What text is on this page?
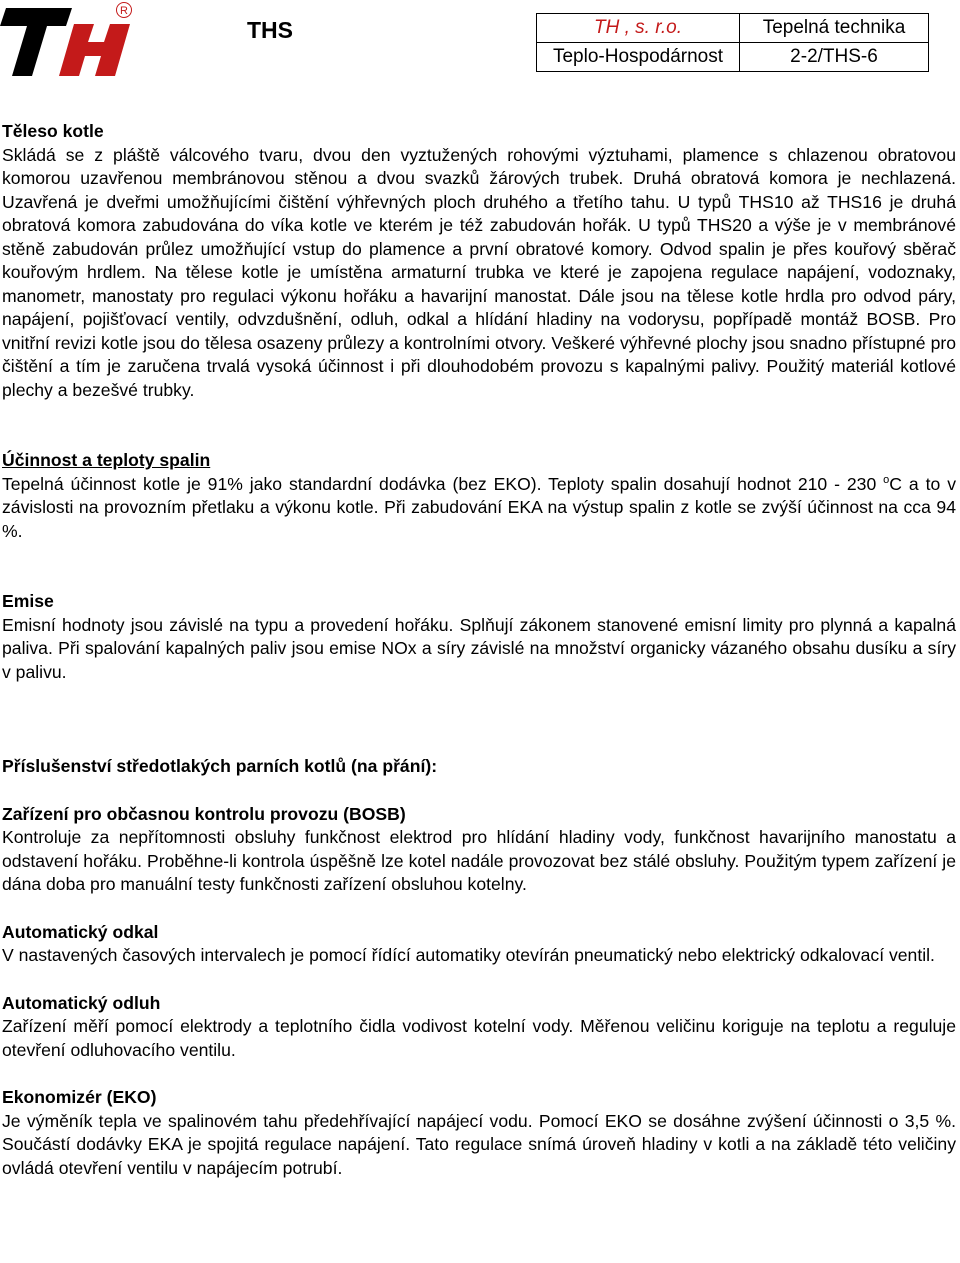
R
THS	TH , s. r.o.	Tepelná technika
Teplo-Hospodárnost	2-2/THS-6
Těleso kotle

Skládá se z pláště válcového tvaru, dvou den vyztužených rohovými výztuhami, plamence s chlazenou obratovou komorou uzavřenou membránovou stěnou a dvou svazků žárových trubek. Druhá obratová komora je nechlazená. Uzavřená je dveřmi umožňujícími čištění výhřevných ploch druhého a třetího tahu. U typů THS10 až THS16 je druhá obratová komora zabudována do víka kotle ve kterém je též zabudován hořák. U typů THS20 a výše je v membránové stěně zabudován průlez umožňující vstup do plamence a první obratové komory. Odvod spalin je přes kouřový sběrač kouřovým hrdlem. Na tělese kotle je umístěna armaturní trubka ve které je zapojena regulace napájení, vodoznaky, manometr, manostaty pro regulaci výkonu hořáku a havarijní manostat. Dále jsou na tělese kotle hrdla pro odvod páry, napájení, pojišťovací ventily, odvzdušnění, odluh, odkal a hlídání hladiny na vodorysu, popřípadě montáž BOSB. Pro vnitřní revizi kotle jsou do tělesa osazeny průlezy a kontrolními otvory. Veškeré výhřevné plochy jsou snadno přístupné pro čištění a tím je zaručena trvalá vysoká účinnost i při dlouhodobém provozu s kapalnými palivy. Použitý materiál kotlové plechy a bezešvé trubky.

Účinnost a teploty spalin

Tepelná účinnost kotle je 91% jako standardní dodávka (bez EKO). Teploty spalin dosahují hodnot 210 - 230 $^o$C a to v závislosti na provozním přetlaku a výkonu kotle. Při zabudování EKA na výstup spalin z kotle se zvýší účinnost na cca 94 %.

Emise

Emisní hodnoty jsou závislé na typu a provedení hořáku. Splňují zákonem stanovené emisní limity pro plynná a kapalná paliva. Při spalování kapalných paliv jsou emise NOx a síry závislé na množství organicky vázaného obsahu dusíku a síry v palivu.

Příslušenství středotlakých parních kotlů (na přání):
Zařízení pro občasnou kontrolu provozu (BOSB)

Kontroluje za nepřítomnosti obsluhy funkčnost elektrod pro hlídání hladiny vody, funkčnost havarijního manostatu a odstavení hořáku. Proběhne-li kontrola úspěšně lze kotel nadále provozovat bez stálé obsluhy. Použitým typem zařízení je dána doba pro manuální testy funkčnosti zařízení obsluhou kotelny.

Automatický odkal

V nastavených časových intervalech je pomocí řídící automatiky otevírán pneumatický nebo elektrický odkalovací ventil.

Automatický odluh

Zařízení měří pomocí elektrody a teplotního čidla vodivost kotelní vody. Měřenou veličinu koriguje na teplotu a reguluje otevření odluhovacího ventilu.

Ekonomizér (EKO)

Je výměník tepla ve spalinovém tahu předehřívající napájecí vodu. Pomocí EKO se dosáhne zvýšení účinnosti o 3,5 %. Součástí dodávky EKA je spojitá regulace napájení. Tato regulace snímá úroveň hladiny v kotli a na základě této veličiny ovládá otevření ventilu v napájecím potrubí.
